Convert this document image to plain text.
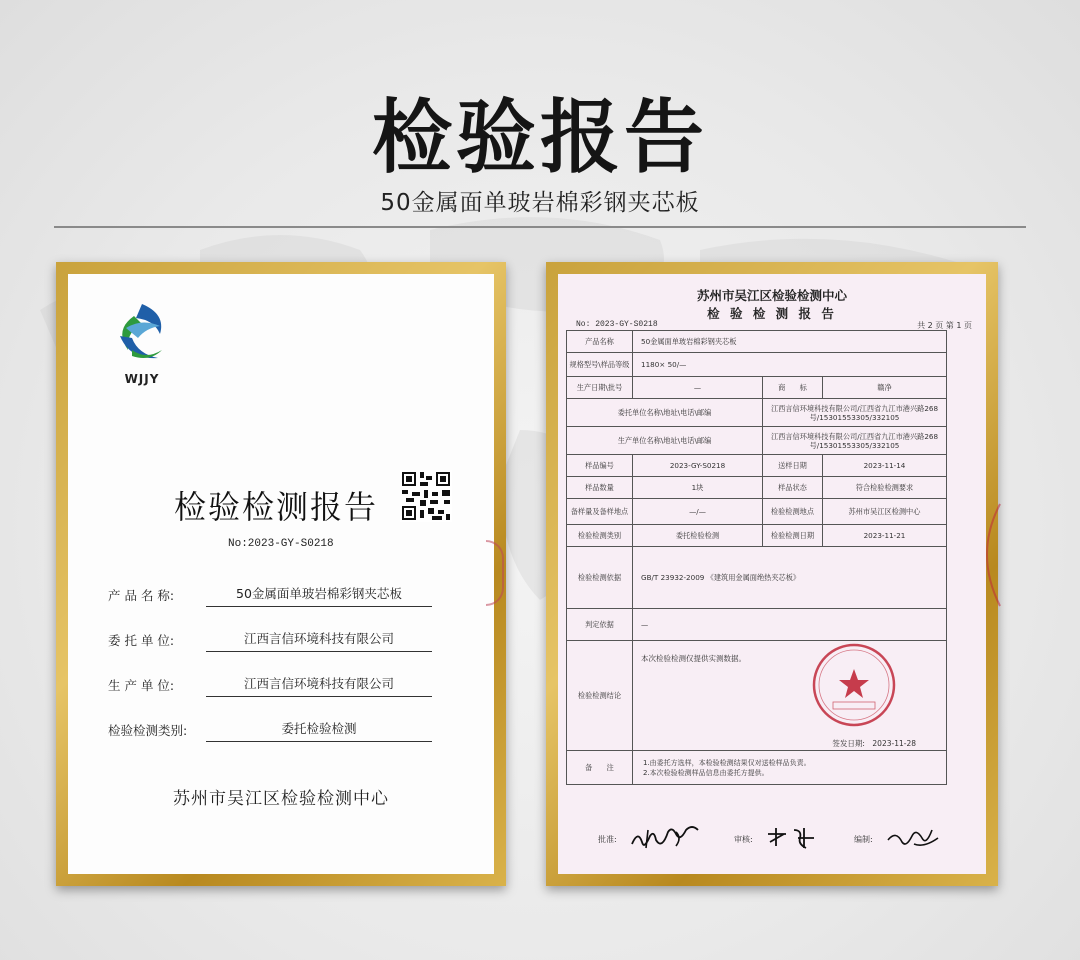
检验报告
50金属面单玻岩棉彩钢夹芯板
WJJY
检验检测报告
No:2023-GY-S0218
产 品 名 称:	50金属面单玻岩棉彩钢夹芯板
委 托 单 位:	江西言信环境科技有限公司
生 产 单 位:	江西言信环境科技有限公司
检验检测类别:	委托检验检测
苏州市吴江区检验检测中心
苏州市吴江区检验检测中心
检 验 检 测 报 告
No: 2023-GY-S0218	共 2 页 第 1 页
产品名称	50金属面单玻岩棉彩钢夹芯板		
规格型号\样品等级	1180× 50/—		
生产日期\批号	—	商　　标	赣净
委托单位名称\地址\电话\邮编		江西言信环境科技有限公司/江西省九江市港兴路268号/15301553305/332105	
生产单位名称\地址\电话\邮编		江西言信环境科技有限公司/江西省九江市港兴路268号/15301553305/332105	
样品编号	2023-GY-S0218	送样日期	2023-11-14
样品数量	1块	样品状态	符合检验检测要求
备样量及备样地点	—/—	检验检测地点	苏州市吴江区检测中心
检验检测类别	委托检验检测	检验检测日期	2023-11-21
检验检测依据	GB/T 23932-2009 《建筑用金属面绝热夹芯板》		
判定依据	—		
检验检测结论	本次检验检测仅提供实测数据。
签发日期:　2023-11-28		

备　　注	1.由委托方选样，本检验检测结果仅对送检样品负责。
2.本次检验检测样品信息由委托方提供。		
批准:	审核:	编制:
